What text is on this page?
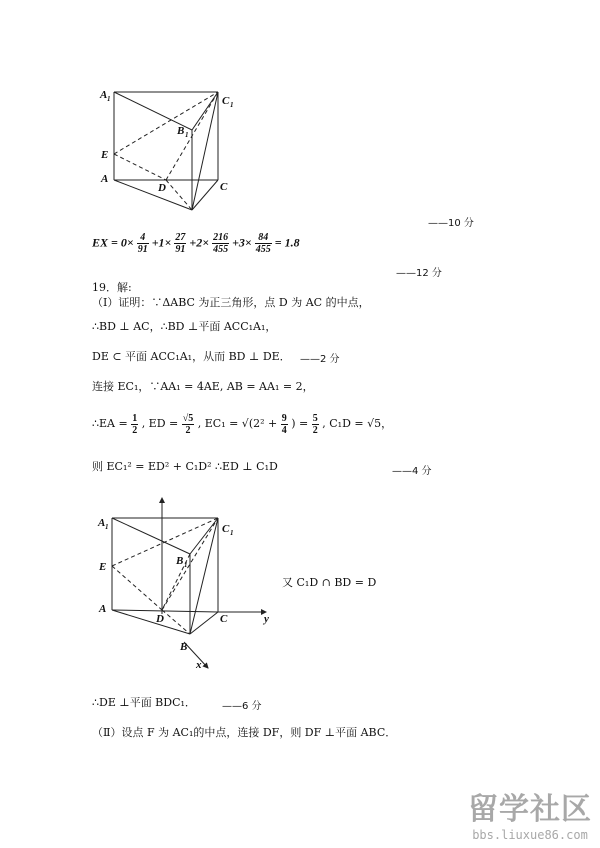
A 1	C 1
B 1
E
A
D	C
——10 分
EX = $0\times \frac{4}{91} +1\times \frac{27}{91} +2\times \frac{216}{455} +3\times \frac{84}{455} = 1.8$
——12 分
19．解:
（Ⅰ）证明：∵ΔABC 为正三角形，点 D 为 AC 的中点，
∴BD ⊥ AC，∴BD ⊥平面 ACC₁A₁，
DE ⊂ 平面 ACC₁A₁，从而 BD ⊥ DE． ——2 分
连接 EC₁，∵AA₁ = 4AE, AB = AA₁ = 2，
∴EA = $\frac{1}{2}$ , ED = $\frac{√5}{2}$ , $EC_1 = √(2^2 + \frac{9}{4}$ ) = $\frac{5}{2}$ , C₁D = √5，
则 EC₁² = ED² + C₁D² ∴ED ⊥ C₁D	——4 分
A 1	C 1
B 1
E
A
D	C	y
B
x
又 C₁D ∩ BD = D
∴DE ⊥平面 BDC₁．	——6 分
（Ⅱ）设点 F 为 AC₁的中点，连接 DF，则 DF ⊥平面 ABC．
留学社区
bbs.liuxue86.com
